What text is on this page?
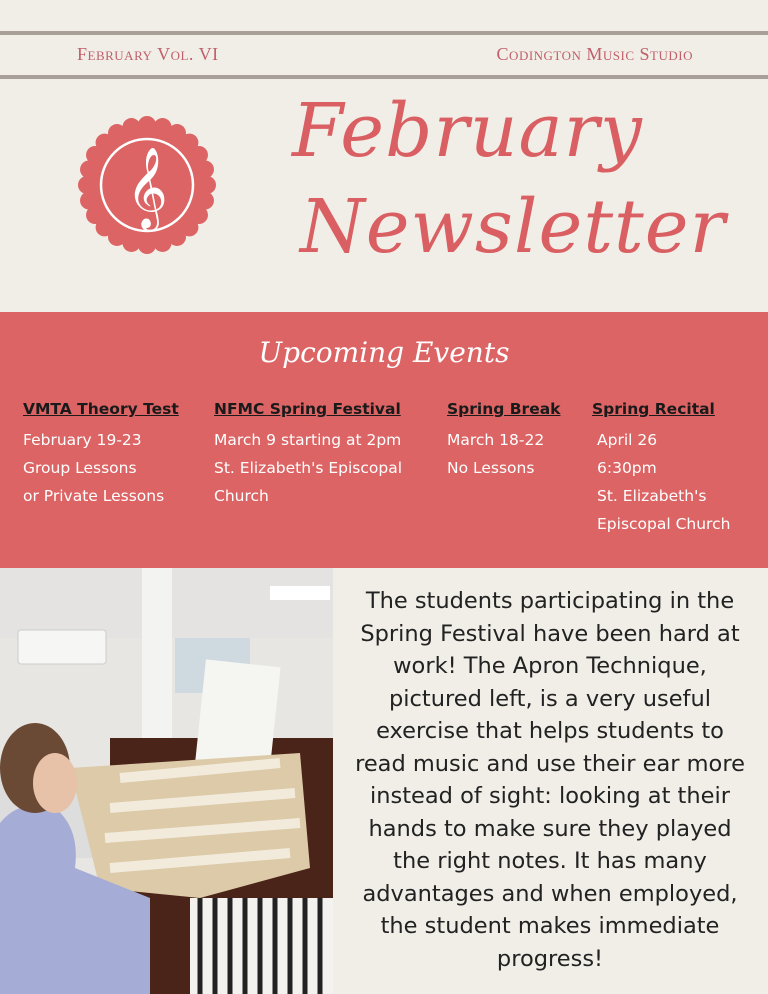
February Vol. VI	Codington Music Studio
𝄞
February
Newsletter
Upcoming Events
VMTA Theory Test
February 19-23
Group Lessons
or Private Lessons
NFMC Spring Festival
March 9 starting at 2pm
St. Elizabeth's Episcopal
Church
Spring Break
March 18-22
No Lessons
Spring Recital
April 26
6:30pm
St. Elizabeth's
Episcopal Church
The students participating in the Spring Festival have been hard at work! The Apron Technique, pictured left, is a very useful exercise that helps students to read music and use their ear more instead of sight: looking at their hands to make sure they played the right notes. It has many advantages and when employed, the student makes immediate progress!
